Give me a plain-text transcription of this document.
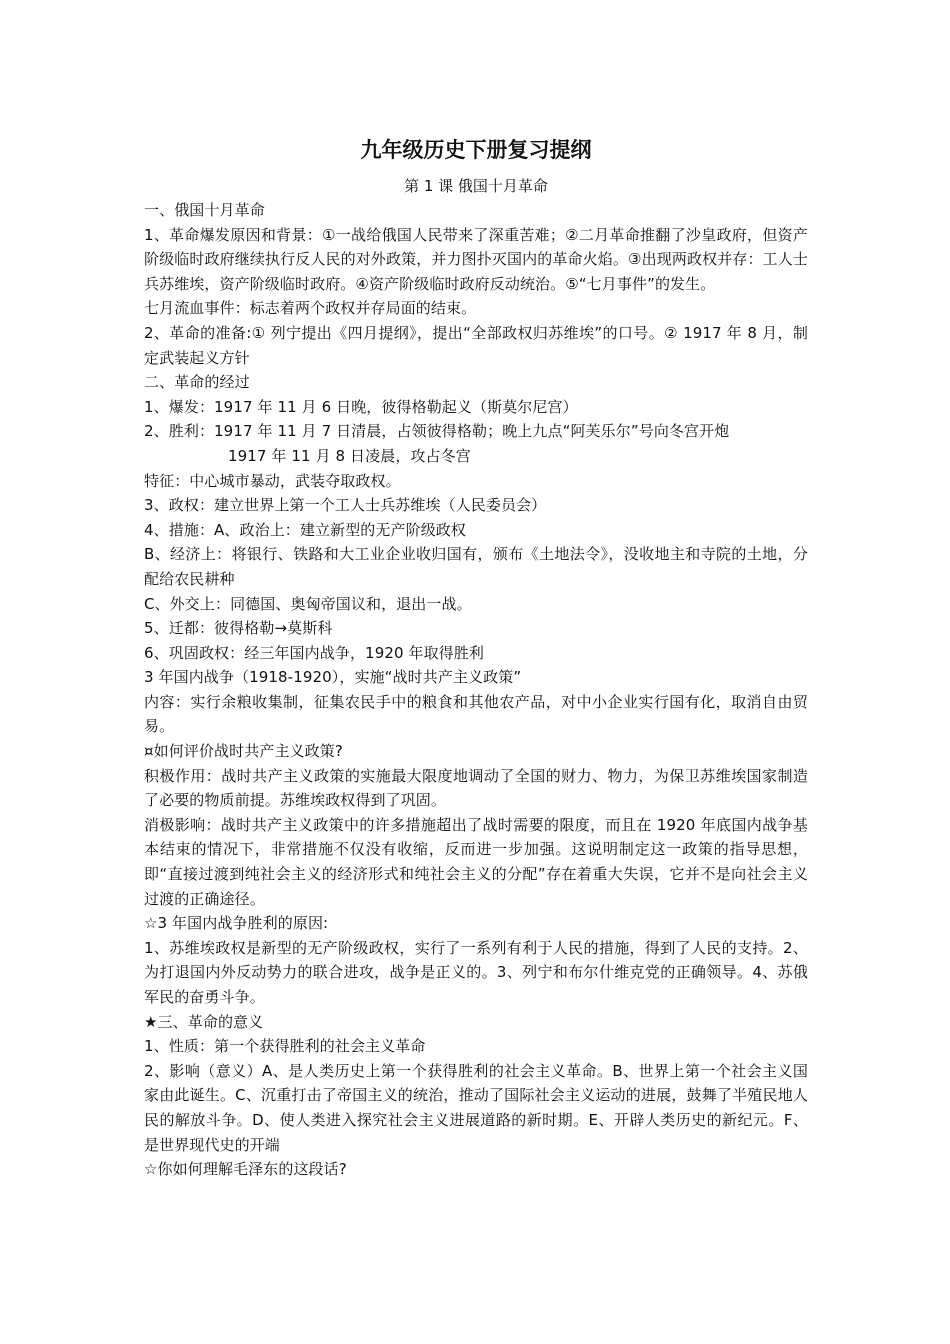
九年级历史下册复习提纲

第 1 课 俄国十月革命

一、俄国十月革命

1、革命爆发原因和背景：①一战给俄国人民带来了深重苦难；②二月革命推翻了沙皇政府，但资产阶级临时政府继续执行反人民的对外政策，并力图扑灭国内的革命火焰。③出现两政权并存：工人士兵苏维埃，资产阶级临时政府。④资产阶级临时政府反动统治。⑤“七月事件”的发生。

七月流血事件：标志着两个政权并存局面的结束。

2、革命的准备:① 列宁提出《四月提纲》，提出“全部政权归苏维埃”的口号。② 1917 年 8 月，制定武装起义方针

二、革命的经过

1、爆发：1917 年 11 月 6 日晚，彼得格勒起义（斯莫尔尼宫）

2、胜利：1917 年 11 月 7 日清晨，占领彼得格勒；晚上九点“阿芙乐尔”号向冬宫开炮

1917 年 11 月 8 日凌晨，攻占冬宫

特征：中心城市暴动，武装夺取政权。

3、政权：建立世界上第一个工人士兵苏维埃（人民委员会）

4、措施：A、政治上：建立新型的无产阶级政权

B、经济上：将银行、铁路和大工业企业收归国有，颁布《土地法令》，没收地主和寺院的土地，分配给农民耕种

C、外交上：同德国、奥匈帝国议和，退出一战。

5、迁都：彼得格勒→莫斯科

6、巩固政权：经三年国内战争，1920 年取得胜利

3 年国内战争（1918-1920），实施“战时共产主义政策”

内容：实行余粮收集制，征集农民手中的粮食和其他农产品，对中小企业实行国有化，取消自由贸易。

¤如何评价战时共产主义政策?

积极作用：战时共产主义政策的实施最大限度地调动了全国的财力、物力，为保卫苏维埃国家制造了必要的物质前提。苏维埃政权得到了巩固。

消极影响：战时共产主义政策中的许多措施超出了战时需要的限度，而且在 1920 年底国内战争基本结束的情况下，非常措施不仅没有收缩，反而进一步加强。这说明制定这一政策的指导思想，即“直接过渡到纯社会主义的经济形式和纯社会主义的分配”存在着重大失误，它并不是向社会主义过渡的正确途径。

☆3 年国内战争胜利的原因:

1、苏维埃政权是新型的无产阶级政权，实行了一系列有利于人民的措施，得到了人民的支持。2、为打退国内外反动势力的联合进攻，战争是正义的。3、列宁和布尔什维克党的正确领导。4、苏俄军民的奋勇斗争。

★三、革命的意义

1、性质：第一个获得胜利的社会主义革命

2、影响（意义）A、是人类历史上第一个获得胜利的社会主义革命。B、世界上第一个社会主义国家由此诞生。C、沉重打击了帝国主义的统治，推动了国际社会主义运动的进展，鼓舞了半殖民地人民的解放斗争。D、使人类进入探究社会主义进展道路的新时期。E、开辟人类历史的新纪元。F、是世界现代史的开端

☆你如何理解毛泽东的这段话?
